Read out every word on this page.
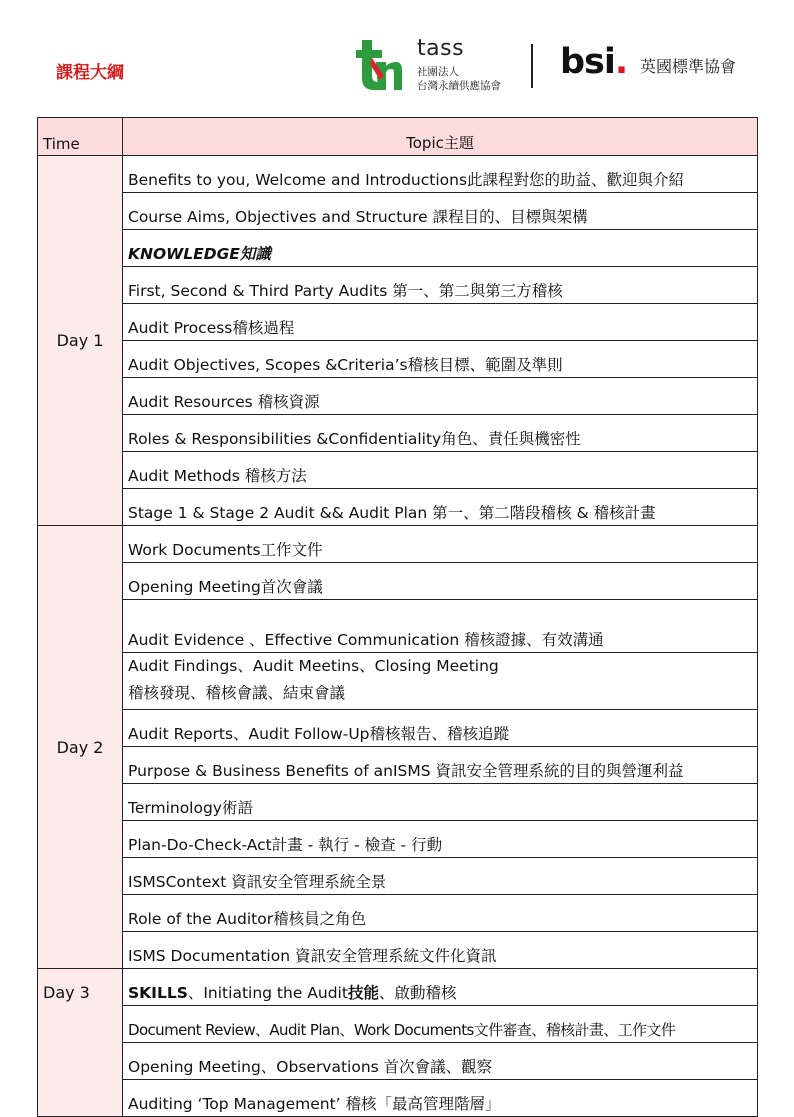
課程大綱
tass
社團法人
台灣永續供應協會
bsi. 英國標準協會
Time	Topic主題
Day 1	Benefits to you, Welcome and Introductions此課程對您的助益、歡迎與介紹
	Course Aims, Objectives and Structure 課程目的、目標與架構
	KNOWLEDGE知識
	First, Second & Third Party Audits 第一、第二與第三方稽核
	Audit Process稽核過程
	Audit Objectives, Scopes &Criteria’s稽核目標、範圍及準則
	Audit Resources 稽核資源
	Roles & Responsibilities &Confidentiality角色、責任與機密性
	Audit Methods 稽核方法
	Stage 1 & Stage 2 Audit && Audit Plan 第一、第二階段稽核 & 稽核計畫
Day 2	Work Documents工作文件
	Opening Meeting首次會議
	Audit Evidence 、Effective Communication 稽核證據、有效溝通

	Audit Findings、Audit Meetins、Closing Meeting
稽核發現、稽核會議、結束會議

	Audit Reports、Audit Follow-Up稽核報告、稽核追蹤
	Purpose & Business Benefits of anISMS 資訊安全管理系統的目的與營運利益
	Terminology術語
	Plan-Do-Check-Act計畫 - 執行 - 檢查 - 行動
	ISMSContext 資訊安全管理系統全景
	Role of the Auditor稽核員之角色
	ISMS Documentation 資訊安全管理系統文件化資訊
Day 3	SKILLS、Initiating the Audit技能、啟動稽核
	Document Review、Audit Plan、Work Documents文件審查、稽核計畫、工作文件
	Opening Meeting、Observations 首次會議、觀察
	Auditing ‘Top Management’ 稽核「最高管理階層」
